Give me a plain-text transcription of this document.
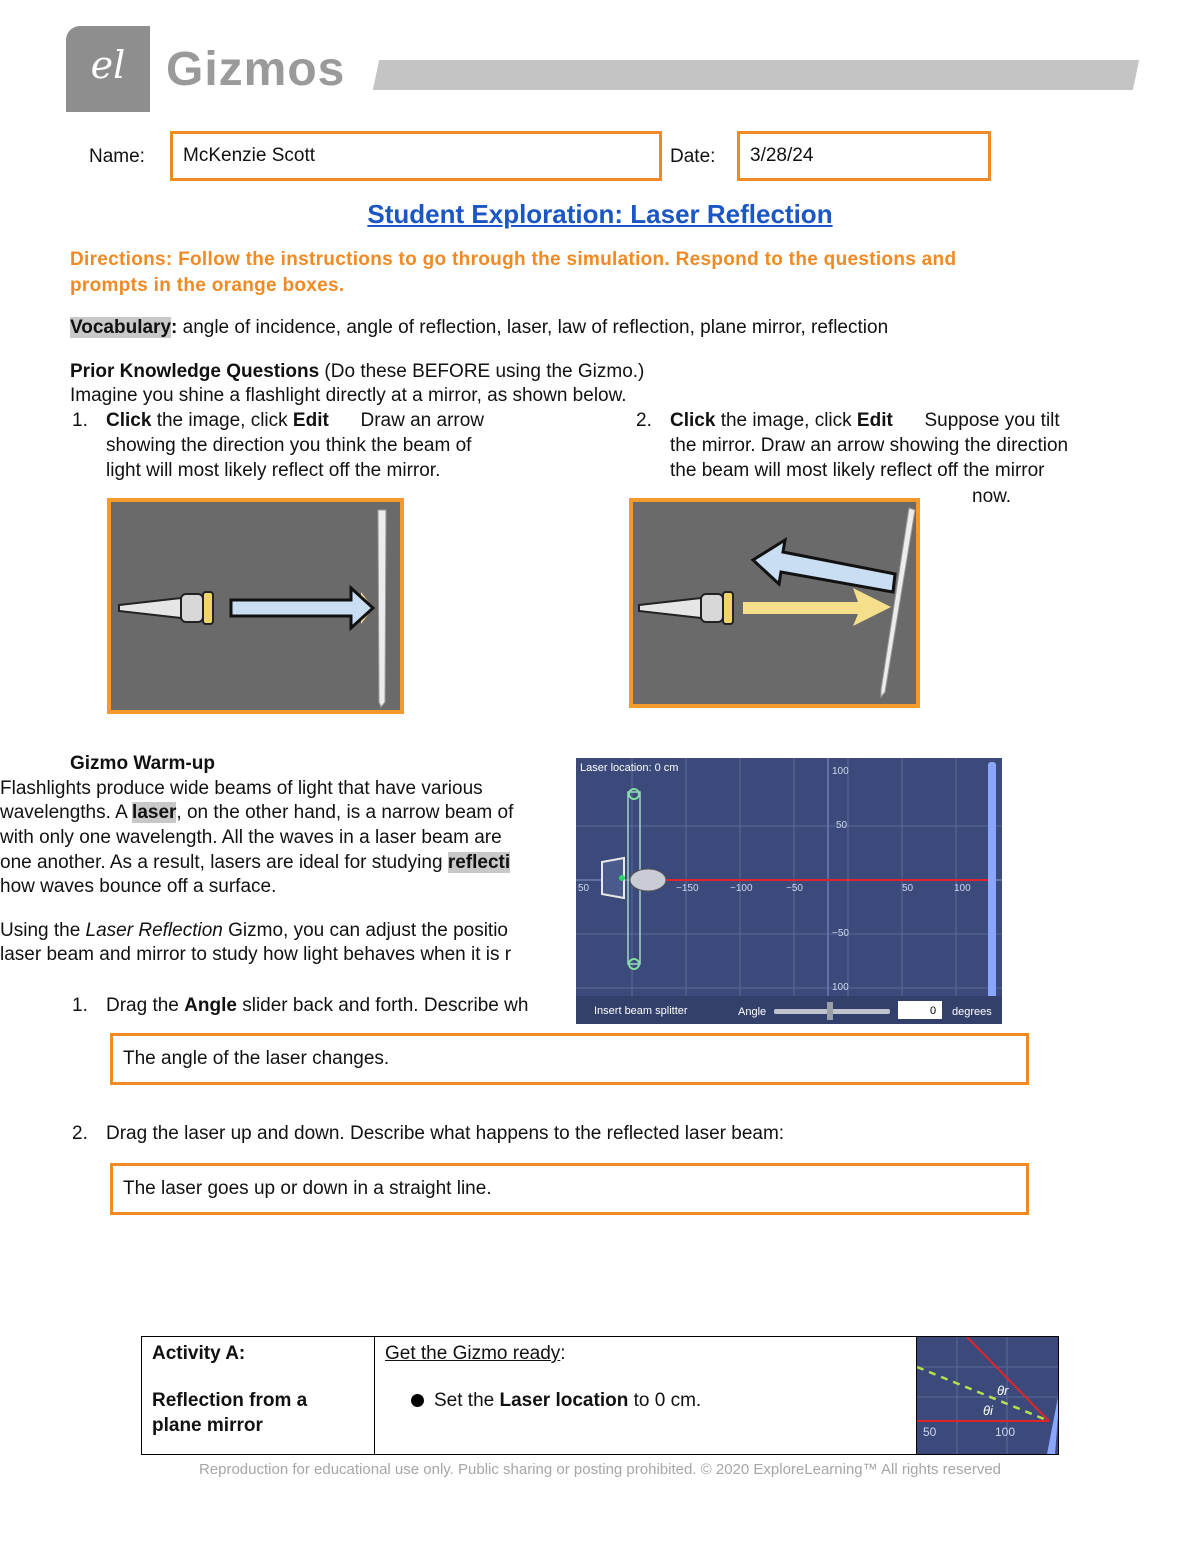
el Gizmos
Name: McKenzie Scott	Date: 3/28/24
Student Exploration: Laser Reflection
Directions: Follow the instructions to go through the simulation. Respond to the questions and
prompts in the orange boxes.
Vocabulary: angle of incidence, angle of reflection, laser, law of reflection, plane mirror, reflection
Prior Knowledge Questions (Do these BEFORE using the Gizmo.)
Imagine you shine a flashlight directly at a mirror, as shown below.
1. Click the image, click Edit      Draw an arrow
showing the direction you think the beam of
light will most likely reflect off the mirror.
2. Click the image, click Edit      Suppose you tilt
the mirror. Draw an arrow showing the direction
the beam will most likely reflect off the mirror
now.
Gizmo Warm-up
Flashlights produce wide beams of light that have various
wavelengths. A laser, on the other hand, is a narrow beam of
with only one wavelength. All the waves in a laser beam are
one another. As a result, lasers are ideal for studying reflecti
how waves bounce off a surface.
Using the Laser Reflection Gizmo, you can adjust the positio
laser beam and mirror to study how light behaves when it is r
1. Drag the Angle slider back and forth. Describe wh
Laser location: 0 cm	100
50
−50
100
50	−150	−100	−50	50	100
Insert beam splitter	Angle	0 degrees
The angle of the laser changes.
2. Drag the laser up and down. Describe what happens to the reflected laser beam:
The laser goes up or down in a straight line.
Activity A:
Reflection from a
plane mirror

Get the Gizmo ready:
Set the Laser location to 0 cm.	θr
θi
50	100
Reproduction for educational use only. Public sharing or posting prohibited. © 2020 ExploreLearning™ All rights reserved
